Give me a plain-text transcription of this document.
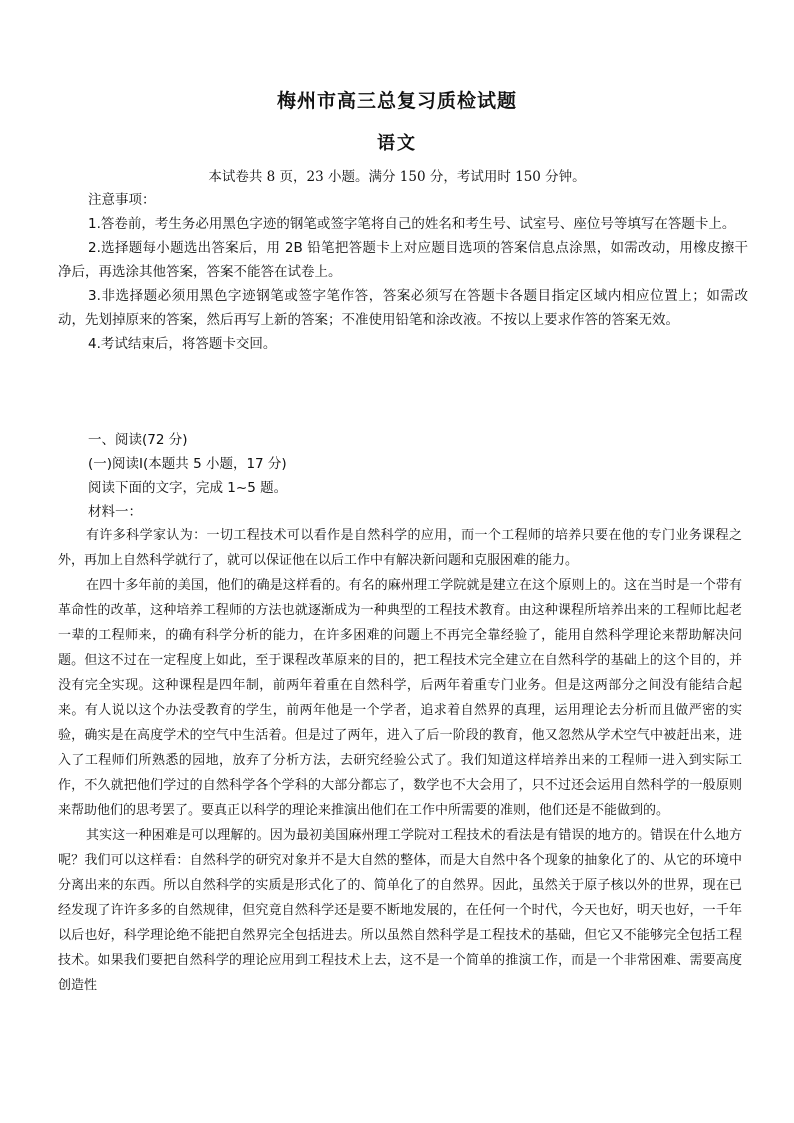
梅州市高三总复习质检试题
语文
本试卷共 8 页，23 小题。满分 150 分，考试用时 150 分钟。
注意事项：

1.答卷前，考生务必用黑色字迹的钢笔或签字笔将自己的姓名和考生号、试室号、座位号等填写在答题卡上。

2.选择题每小题选出答案后，用 2B 铅笔把答题卡上对应题目选项的答案信息点涂黑，如需改动，用橡皮擦干净后，再选涂其他答案，答案不能答在试卷上。

3.非选择题必须用黑色字迹钢笔或签字笔作答，答案必须写在答题卡各题目指定区域内相应位置上；如需改动，先划掉原来的答案，然后再写上新的答案；不准使用铅笔和涂改液。不按以上要求作答的答案无效。

4.考试结束后，将答题卡交回。

一、阅读(72 分)
(一)阅读Ⅰ(本题共 5 小题，17 分)
阅读下面的文字，完成 1~5 题。
材料一：

有许多科学家认为：一切工程技术可以看作是自然科学的应用，而一个工程师的培养只要在他的专门业务课程之外，再加上自然科学就行了，就可以保证他在以后工作中有解决新问题和克服困难的能力。

在四十多年前的美国，他们的确是这样看的。有名的麻州理工学院就是建立在这个原则上的。这在当时是一个带有革命性的改革，这种培养工程师的方法也就逐渐成为一种典型的工程技术教育。由这种课程所培养出来的工程师比起老一辈的工程师来，的确有科学分析的能力，在许多困难的问题上不再完全靠经验了，能用自然科学理论来帮助解决问题。但这不过在一定程度上如此，至于课程改革原来的目的，把工程技术完全建立在自然科学的基础上的这个目的，并没有完全实现。这种课程是四年制，前两年着重在自然科学，后两年着重专门业务。但是这两部分之间没有能结合起来。有人说以这个办法受教育的学生，前两年他是一个学者，追求着自然界的真理，运用理论去分析而且做严密的实验，确实是在高度学术的空气中生活着。但是过了两年，进入了后一阶段的教育，他又忽然从学术空气中被赶出来，进入了工程师们所熟悉的园地，放弃了分析方法，去研究经验公式了。我们知道这样培养出来的工程师一进入到实际工作，不久就把他们学过的自然科学各个学科的大部分都忘了，数学也不大会用了，只不过还会运用自然科学的一般原则来帮助他们的思考罢了。要真正以科学的理论来推演出他们在工作中所需要的准则，他们还是不能做到的。

其实这一种困难是可以理解的。因为最初美国麻州理工学院对工程技术的看法是有错误的地方的。错误在什么地方呢？我们可以这样看：自然科学的研究对象并不是大自然的整体，而是大自然中各个现象的抽象化了的、从它的环境中分离出来的东西。所以自然科学的实质是形式化了的、简单化了的自然界。因此，虽然关于原子核以外的世界，现在已经发现了许许多多的自然规律，但究竟自然科学还是要不断地发展的，在任何一个时代，今天也好，明天也好，一千年以后也好，科学理论绝不能把自然界完全包括进去。所以虽然自然科学是工程技术的基础，但它又不能够完全包括工程技术。如果我们要把自然科学的理论应用到工程技术上去，这不是一个简单的推演工作，而是一个非常困难、需要高度创造性
